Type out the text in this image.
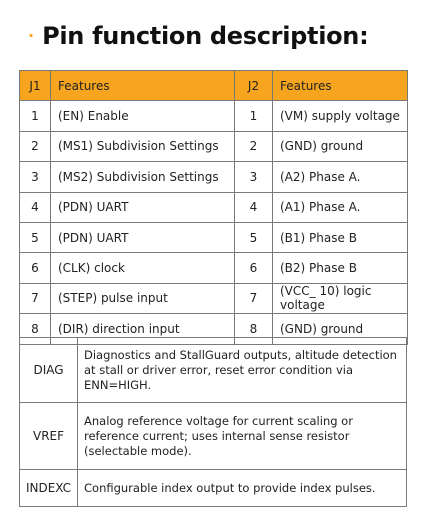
· Pin function description:
J1	Features	J2	Features
1	(EN) Enable	1	(VM) supply voltage
2	(MS1) Subdivision Settings	2	(GND) ground
3	(MS2) Subdivision Settings	3	(A2) Phase A.
4	(PDN) UART	4	(A1) Phase A.
5	(PDN) UART	5	(B1) Phase B
6	(CLK) clock	6	(B2) Phase B
7	(STEP) pulse input	7	(VCC_ 10) logic voltage
8	(DIR) direction input	8	(GND) ground
DIAG	Diagnostics and StallGuard outputs, altitude detection at stall or driver error, reset error condition via ENN=HIGH.
VREF	Analog reference voltage for current scaling or reference current; uses internal sense resistor (selectable mode).
INDEXC	Configurable index output to provide index pulses.
